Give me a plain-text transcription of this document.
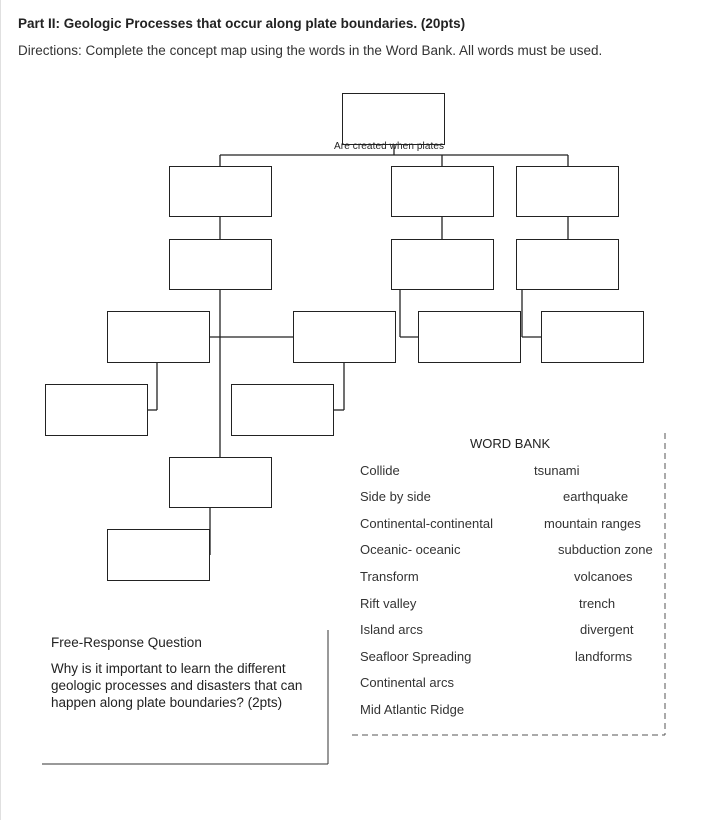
Part II: Geologic Processes that occur along plate boundaries. (20pts)
Directions: Complete the concept map using the words in the Word Bank. All words must be used.
Are created when plates
WORD BANK
Collide
Side by side
Continental-continental
Oceanic- oceanic
Transform
Rift valley
Island arcs
Seafloor Spreading
Continental arcs
Mid Atlantic Ridge
tsunami
earthquake
mountain ranges
subduction zone
volcanoes
trench
divergent
landforms
Free-Response Question
Why is it important to learn the different geologic processes and disasters that can happen along plate boundaries? (2pts)
